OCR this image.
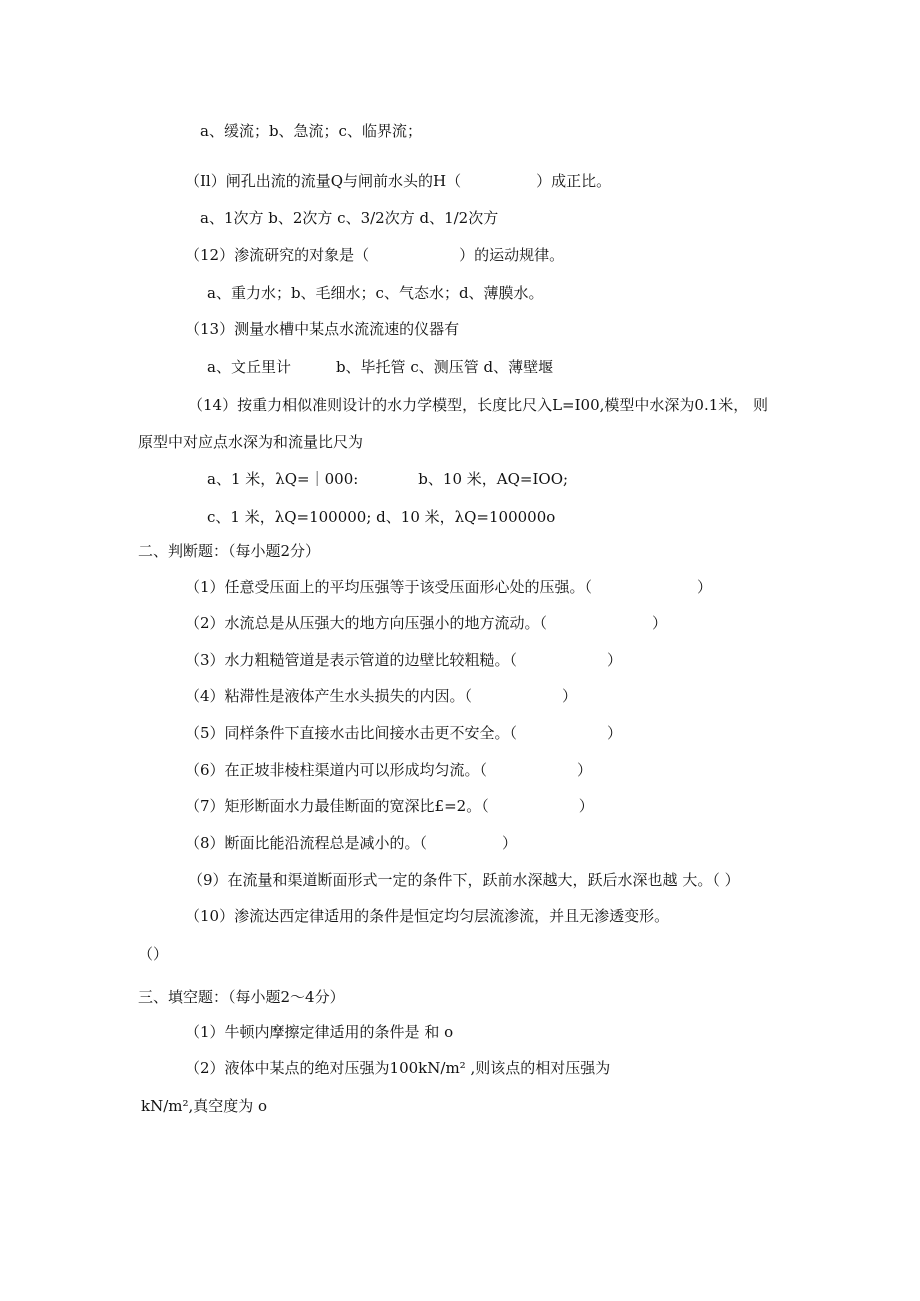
a、缓流；b、急流；c、临界流；
（Il）闸孔出流的流量Q与闸前水头的H（　　　　　）成正比。
a、1次方 b、2次方 c、3/2次方 d、1/2次方
（12）渗流研究的对象是（　　　　　　）的运动规律。
a、重力水；b、毛细水；c、气态水；d、薄膜水。
（13）测量水槽中某点水流流速的仪器有
a、文丘里计　　　b、毕托管 c、测压管 d、薄壁堰
（14）按重力相似准则设计的水力学模型，长度比尺入L=I00,模型中水深为0.1米， 则
原型中对应点水深为和流量比尺为
a、1 米，λQ=｜000:　　　　b、10 米，AQ=IOO;
c、1 米，λQ=100000; d、10 米，λQ=100000o
二、判断题：（每小题2分）
（1）任意受压面上的平均压强等于该受压面形心处的压强。（　　　　　　　）
（2）水流总是从压强大的地方向压强小的地方流动。（　　　　　　　）
（3）水力粗糙管道是表示管道的边壁比较粗糙。（　　　　　　）
（4）粘滞性是液体产生水头损失的内因。（　　　　　　）
（5）同样条件下直接水击比间接水击更不安全。（　　　　　　）
（6）在正坡非棱柱渠道内可以形成均匀流。（　　　　　　）
（7）矩形断面水力最佳断面的宽深比£=2。（　　　　　　）
（8）断面比能沿流程总是减小的。（　　　　　）
（9）在流量和渠道断面形式一定的条件下，跃前水深越大，跃后水深也越 大。（ ）
（10）渗流达西定律适用的条件是恒定均匀层流渗流，并且无渗透变形。
（）
三、填空题：（每小题2～4分）
（1）牛顿内摩擦定律适用的条件是 和 o
（2）液体中某点的绝对压强为100kN/m² ,则该点的相对压强为
kN/m²,真空度为 o
